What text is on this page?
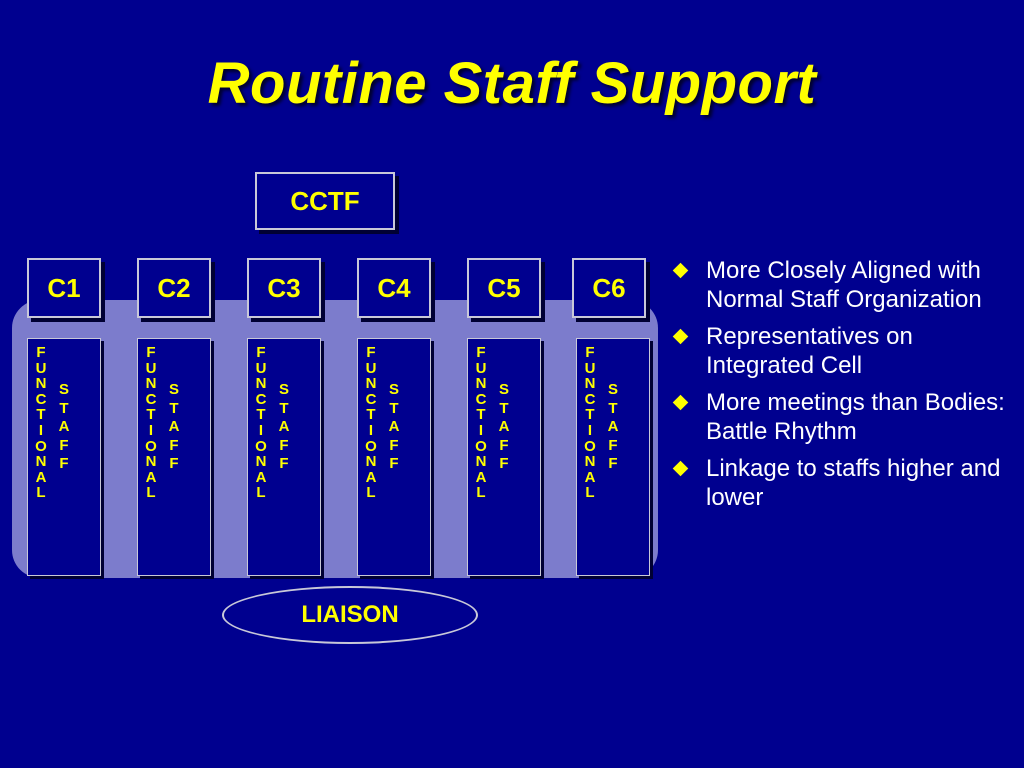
Routine Staff Support
CCTF
C1	C2	C3	C4	C5	C6
F
U
N
C
T
I
O
N
A
L
S
T
A
F
F
F
U
N
C
T
I
O
N
A
L
S
T
A
F
F
F
U
N
C
T
I
O
N
A
L
S
T
A
F
F
F
U
N
C
T
I
O
N
A
L
S
T
A
F
F
F
U
N
C
T
I
O
N
A
L
S
T
A
F
F
F
U
N
C
T
I
O
N
A
L
S
T
A
F
F
LIAISON
More Closely Aligned with Normal Staff Organization
Representatives on Integrated Cell
More meetings than Bodies: Battle Rhythm
Linkage to staffs higher and lower
